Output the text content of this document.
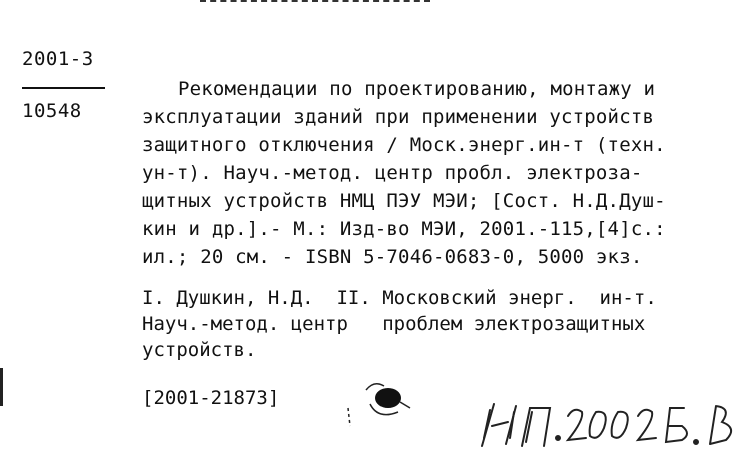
2001-3
10548
Рекомендации по проектированию, монтажу и
эксплуатации зданий при применении устройств
защитного отключения / Моск.энерг.ин-т (техн.
ун-т). Науч.-метод. центр пробл. электроза-
щитных устройств НМЦ ПЭУ МЭИ; [Сост. Н.Д.Душ-
кин и др.].- М.: Изд-во МЭИ, 2001.-115,[4]с.:
ил.; 20 см. - ISBN 5-7046-0683-0, 5000 экз.
I. Душкин, Н.Д.  II. Московский энерг.  ин-т.
Науч.-метод. центр   проблем электрозащитных
устройств.
[2001-21873]
